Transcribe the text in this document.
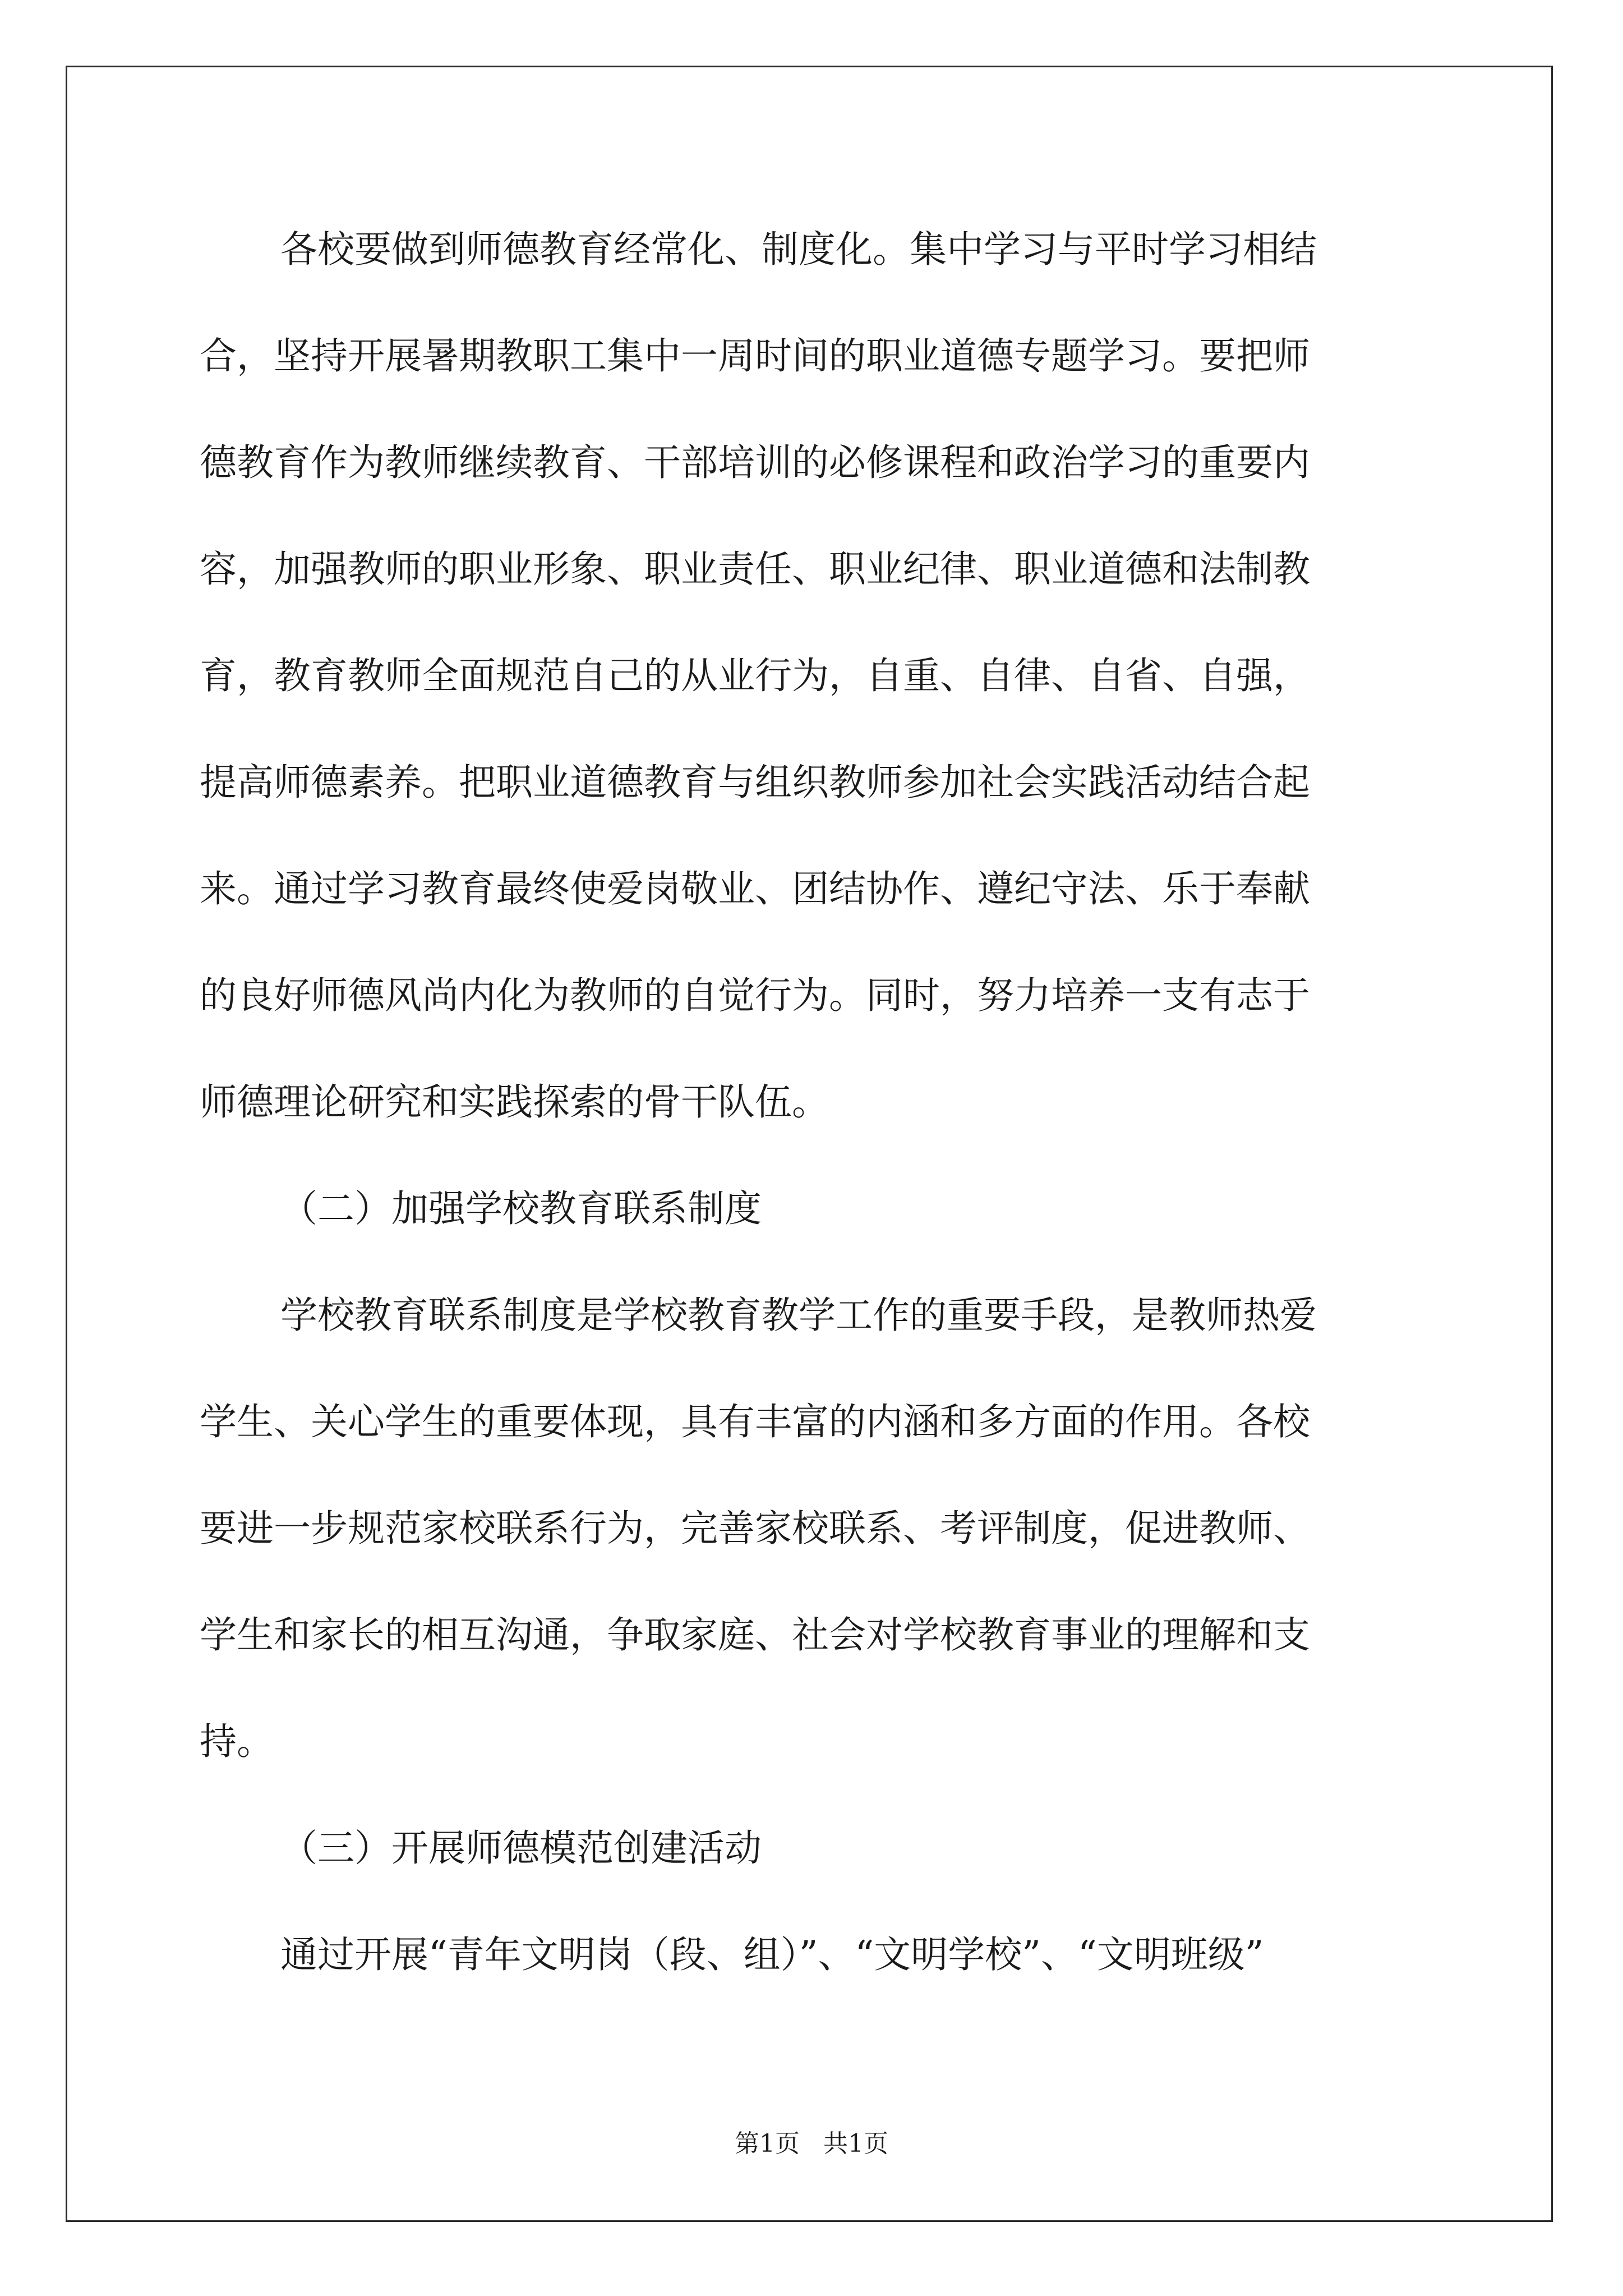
各校要做到师德教育经常化、制度化。集中学习与平时学习相结
合，坚持开展暑期教职工集中一周时间的职业道德专题学习。要把师
德教育作为教师继续教育、干部培训的必修课程和政治学习的重要内
容，加强教师的职业形象、职业责任、职业纪律、职业道德和法制教
育，教育教师全面规范自己的从业行为，自重、自律、自省、自强，
提高师德素养。把职业道德教育与组织教师参加社会实践活动结合起
来。通过学习教育最终使爱岗敬业、团结协作、遵纪守法、乐于奉献
的良好师德风尚内化为教师的自觉行为。同时，努力培养一支有志于
师德理论研究和实践探索的骨干队伍。
（二）加强学校教育联系制度
学校教育联系制度是学校教育教学工作的重要手段，是教师热爱
学生、关心学生的重要体现，具有丰富的内涵和多方面的作用。各校
要进一步规范家校联系行为，完善家校联系、考评制度，促进教师、
学生和家长的相互沟通，争取家庭、社会对学校教育事业的理解和支
持。
（三）开展师德模范创建活动
通过开展“青年文明岗（段、组）”、“文明学校”、“文明班级”
第1页   共1页
